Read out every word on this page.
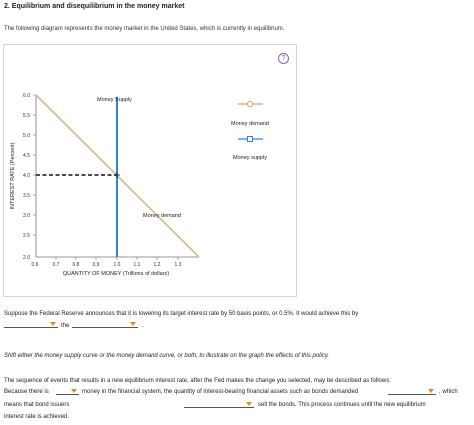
2. Equilibrium and disequilibrium in the money market
The following diagram represents the money market in the United States, which is currently in equilibrium.
?
6.0
5.5
5.0
4.5
4.0
3.5
3.0
2.5
2.0
0.6	0.7	0.8	0.9	1.0	1.1	1.2	1.3
QUANTITY OF MONEY (Trillions of dollars)
INTEREST RATE (Percent)
Money Supply
Money demand
Money demand
Money supply
Suppose the Federal Reserve announces that it is lowering its target interest rate by 50 basis points, or 0.5%. It would achieve this by
the	.
Shift either the money supply curve or the money demand curve, or both, to illustrate on the graph the effects of this policy.
The sequence of events that results in a new equilibrium interest rate, after the Fed makes the change you selected, may be described as follows:
Because there is	money in the financial system, the quantity of interest-bearing financial assets such as bonds demanded	, which
means that bond issuers	sell the bonds. This process continues until the new equilibrium
interest rate is achieved.
